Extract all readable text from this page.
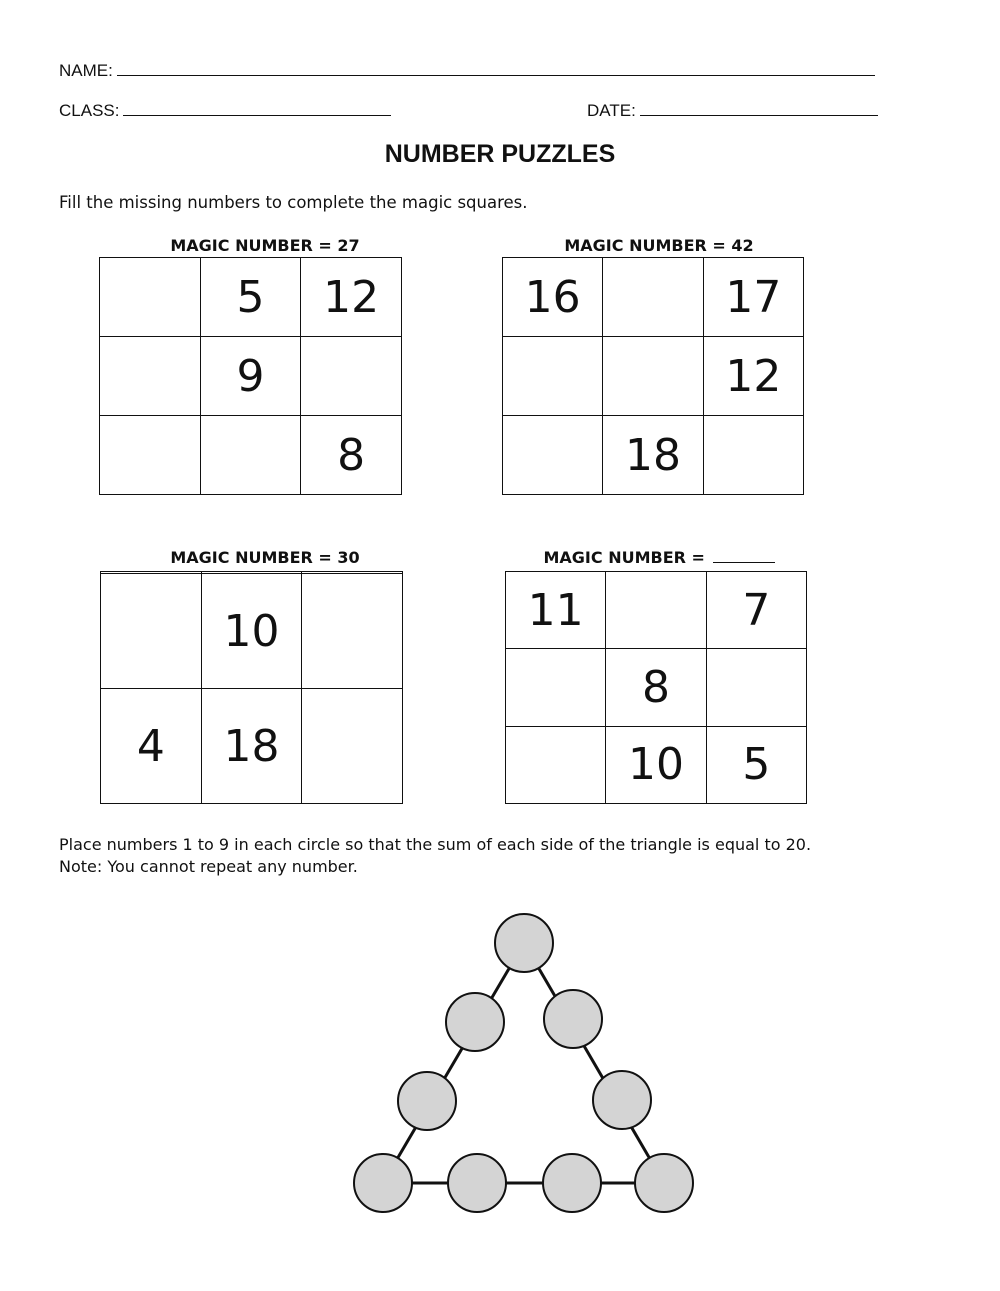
NAME:
CLASS:	DATE:
NUMBER PUZZLES
Fill the missing numbers to complete the magic squares.
MAGIC NUMBER = 27
	5	12
	9	
		8
MAGIC NUMBER = 42
16		17
		12
	18	
MAGIC NUMBER = 30

	10	
4	18	
MAGIC NUMBER =
11		7
	8	
	10	5
Place numbers 1 to 9 in each circle so that the sum of each side of the triangle is equal to 20.
Note: You cannot repeat any number.
